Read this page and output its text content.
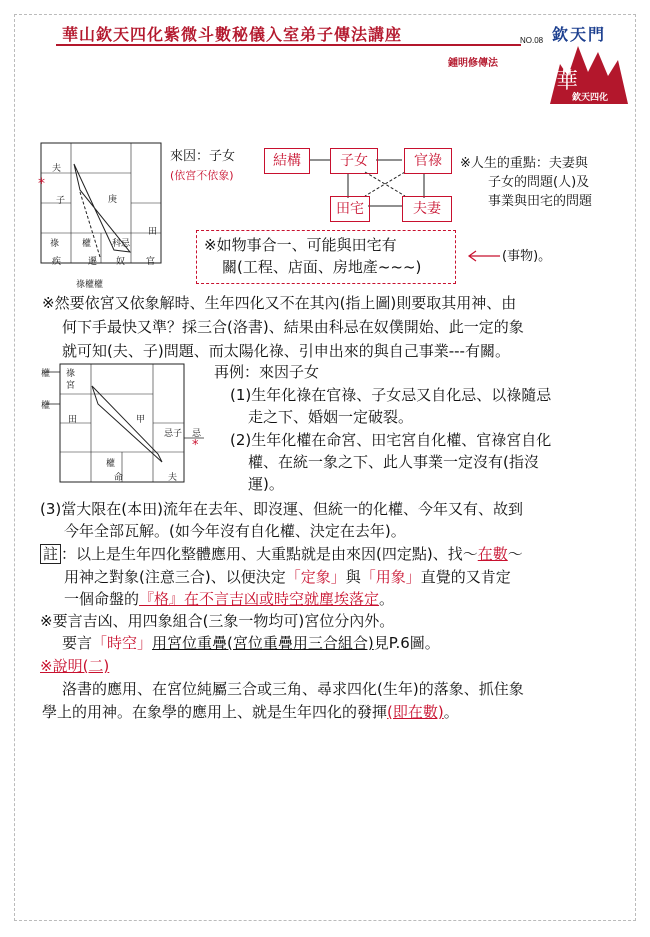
華山欽天四化紫微斗數秘儀入室弟子傳法講座	NO.08 欽天門
鍾明修傳法
華
欽天四化
夫
*
子	庚
田
祿	權 科忌
疾	遷 奴 官
祿權權
來因：子女
(依宮不依象)
結構	子女	官祿
田宅	夫妻
※人生的重點：夫妻與
子女的問題(人)及
事業與田宅的問題
※如物事合一、可能與田宅有
關(工程、店面、房地產~~~)
(事物)。
※然要依宮又依象解時、生年四化又不在其內(指上圖)則要取其用神、由
何下手最快又準？採三合(洛書)、結果由科忌在奴僕開始、此一定的象
就可知(夫、子)問題、而太陽化祿、引申出來的與自己事業---有關。
權 祿
宮
權
田	甲
忌子 忌
*
權
命	夫
再例：來因子女
(1)生年化祿在官祿、子女忌又自化忌、以祿隨忌
走之下、婚姻一定破裂。
(2)生年化權在命宮、田宅宮自化權、官祿宮自化
權、在統一象之下、此人事業一定沒有(指沒
運)。
(3)當大限在(本田)流年在去年、即沒運、但統一的化權、今年又有、故到
今年全部瓦解。(如今年沒有自化權、決定在去年)。
註 ：以上是生年四化整體應用、大重點就是由來因(四定點)、找～在數～
用神之對象(注意三合)、以便決定「定象」與「用象」直覺的又肯定
一個命盤的『格』在不言吉凶或時空就塵埃落定。
※要言吉凶、用四象組合(三象一物均可)宮位分內外。
要言「時空」用宮位重疊(宮位重疊用三合組合)見P.6圖。
※說明(二)
洛書的應用、在宮位純屬三合或三角、尋求四化(生年)的落象、抓住象
學上的用神。在象學的應用上、就是生年四化的發揮(即在數)。
